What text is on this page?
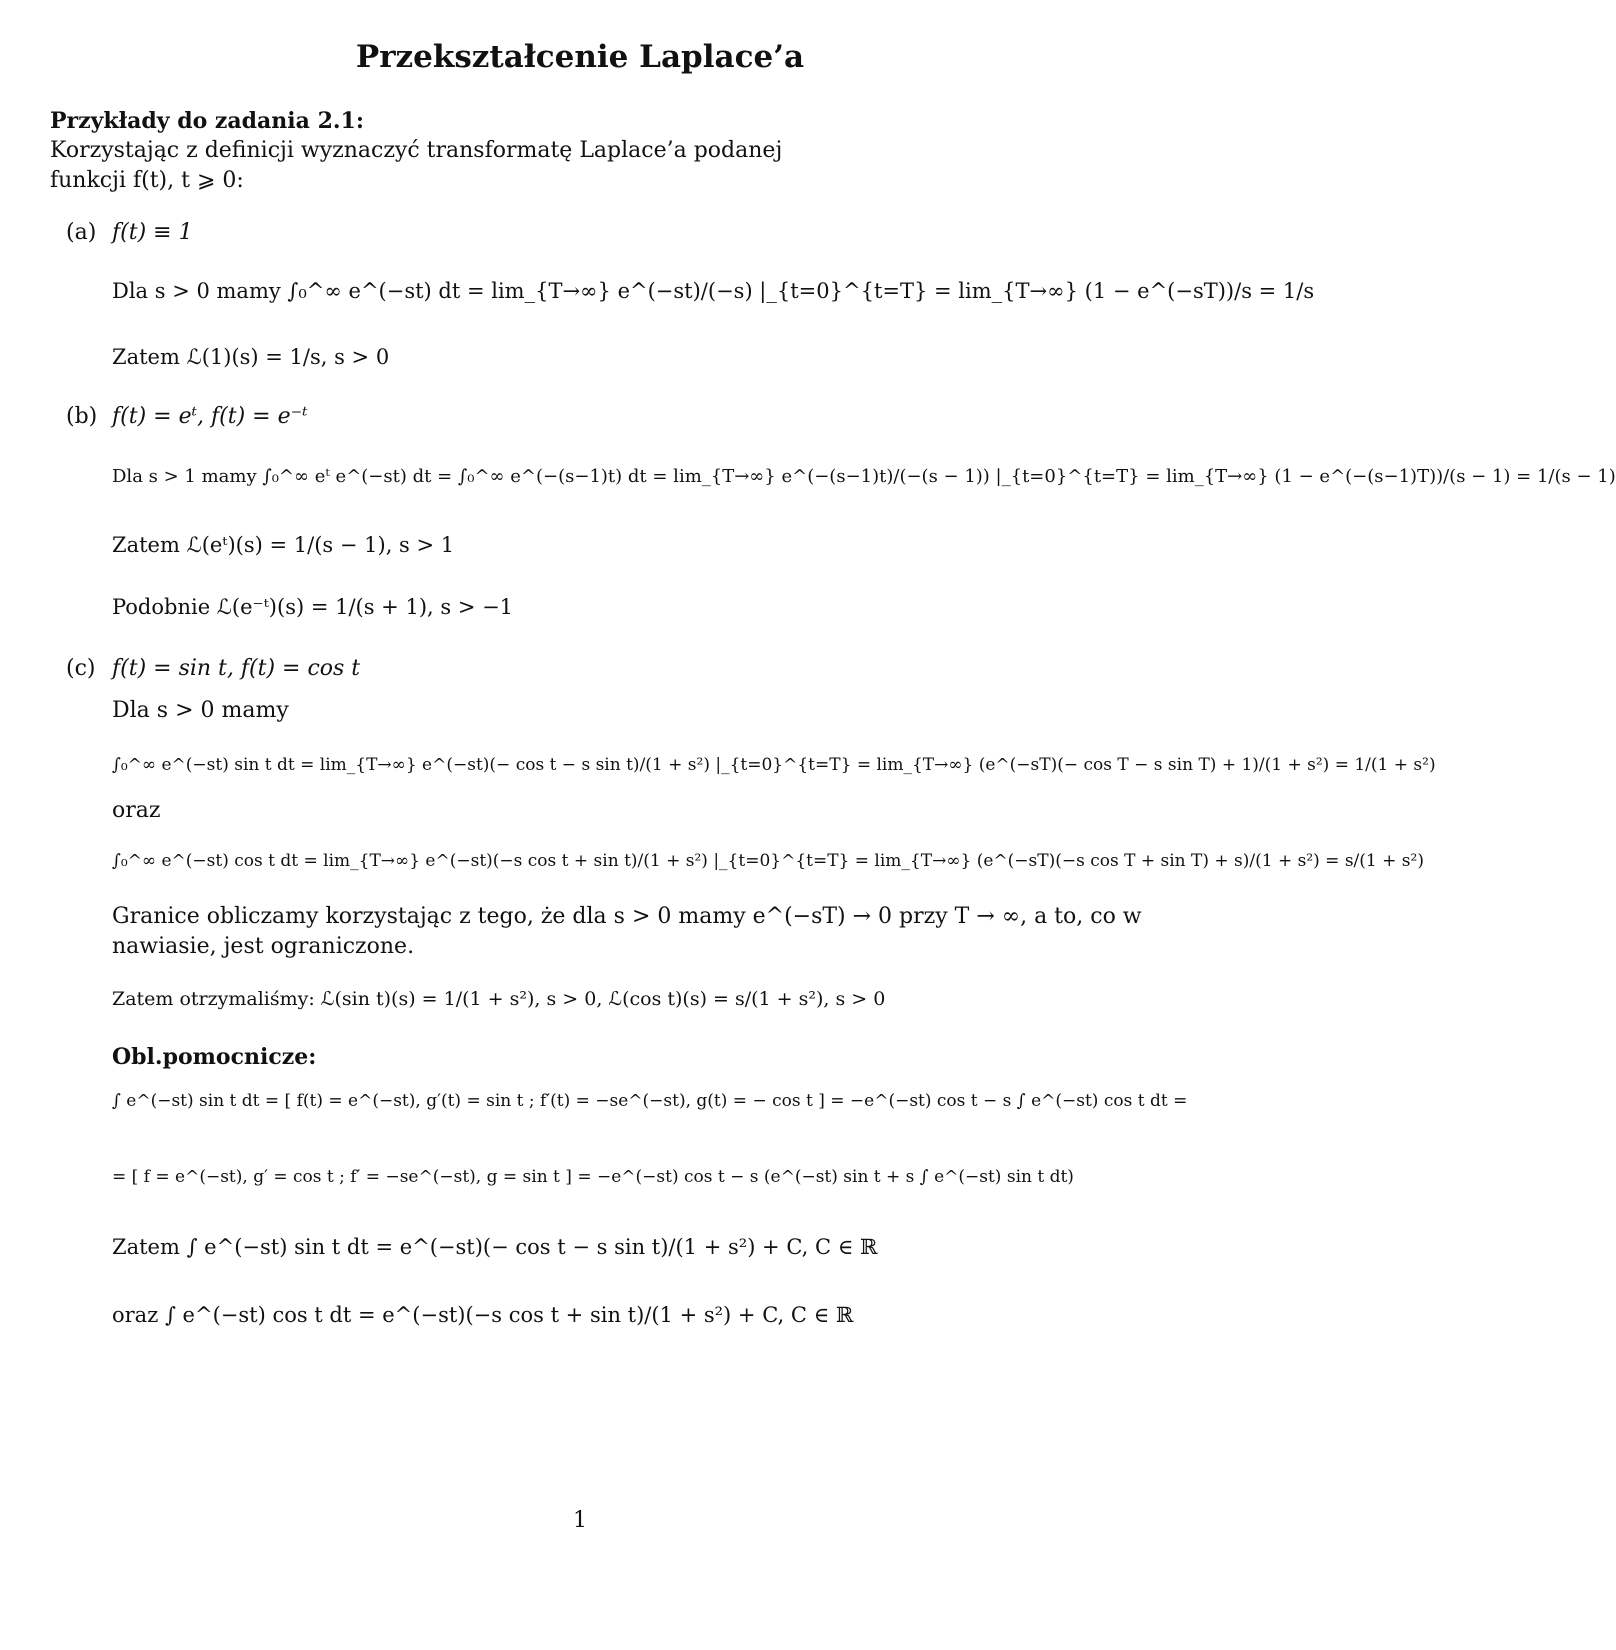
Przekształcenie Laplace’a
Przykłady do zadania 2.1:
Korzystając z definicji wyznaczyć transformatę Laplace’a podanej
funkcji f(t), t ⩾ 0:
(a) f(t) ≡ 1
Dla s > 0 mamy ∫₀^∞ e^(−st) dt = lim_{T→∞} e^(−st)/(−s) |_{t=0}^{t=T} = lim_{T→∞} (1 − e^(−sT))/s = 1/s
Zatem ℒ(1)(s) = 1/s, s > 0
(b) f(t) = eᵗ, f(t) = e⁻ᵗ
Dla s > 1 mamy ∫₀^∞ eᵗ e^(−st) dt = ∫₀^∞ e^(−(s−1)t) dt = lim_{T→∞} e^(−(s−1)t)/(−(s − 1)) |_{t=0}^{t=T} = lim_{T→∞} (1 − e^(−(s−1)T))/(s − 1) = 1/(s − 1)
Zatem ℒ(eᵗ)(s) = 1/(s − 1), s > 1
Podobnie ℒ(e⁻ᵗ)(s) = 1/(s + 1), s > −1
(c) f(t) = sin t, f(t) = cos t
Dla s > 0 mamy
∫₀^∞ e^(−st) sin t dt = lim_{T→∞} e^(−st)(− cos t − s sin t)/(1 + s²) |_{t=0}^{t=T} = lim_{T→∞} (e^(−sT)(− cos T − s sin T) + 1)/(1 + s²) = 1/(1 + s²)
oraz
∫₀^∞ e^(−st) cos t dt = lim_{T→∞} e^(−st)(−s cos t + sin t)/(1 + s²) |_{t=0}^{t=T} = lim_{T→∞} (e^(−sT)(−s cos T + sin T) + s)/(1 + s²) = s/(1 + s²)
Granice obliczamy korzystając z tego, że dla s > 0 mamy e^(−sT) → 0 przy T → ∞, a to, co w
nawiasie, jest ograniczone.
Zatem otrzymaliśmy: ℒ(sin t)(s) = 1/(1 + s²), s > 0, ℒ(cos t)(s) = s/(1 + s²), s > 0
Obl.pomocnicze:
∫ e^(−st) sin t dt = [ f(t) = e^(−st), g′(t) = sin t ; f′(t) = −se^(−st), g(t) = − cos t ] = −e^(−st) cos t − s ∫ e^(−st) cos t dt =
= [ f = e^(−st), g′ = cos t ; f′ = −se^(−st), g = sin t ] = −e^(−st) cos t − s (e^(−st) sin t + s ∫ e^(−st) sin t dt)
Zatem ∫ e^(−st) sin t dt = e^(−st)(− cos t − s sin t)/(1 + s²) + C, C ∈ ℝ
oraz ∫ e^(−st) cos t dt = e^(−st)(−s cos t + sin t)/(1 + s²) + C, C ∈ ℝ
1
